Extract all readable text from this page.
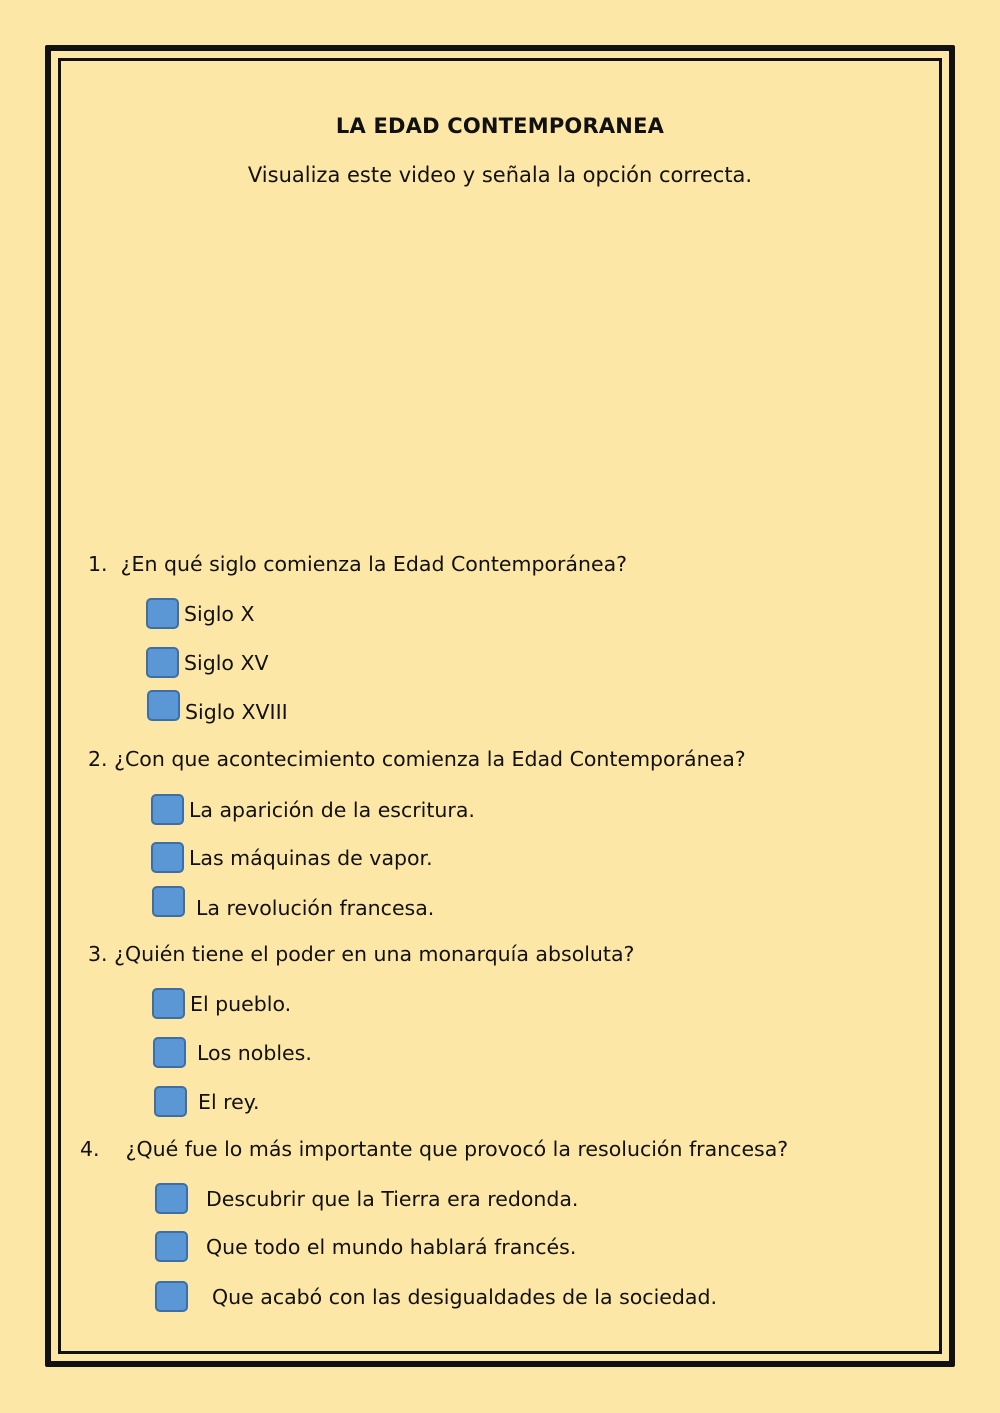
LA EDAD CONTEMPORANEA
Visualiza este video y señala la opción correcta.
1. ¿En qué siglo comienza la Edad Contemporánea?
Siglo X
Siglo XV
Siglo XVIII
2. ¿Con que acontecimiento comienza la Edad Contemporánea?
La aparición de la escritura.
Las máquinas de vapor.
La revolución francesa.
3. ¿Quién tiene el poder en una monarquía absoluta?
El pueblo.
Los nobles.
El rey.
4. ¿Qué fue lo más importante que provocó la resolución francesa?
Descubrir que la Tierra era redonda.
Que todo el mundo hablará francés.
Que acabó con las desigualdades de la sociedad.
